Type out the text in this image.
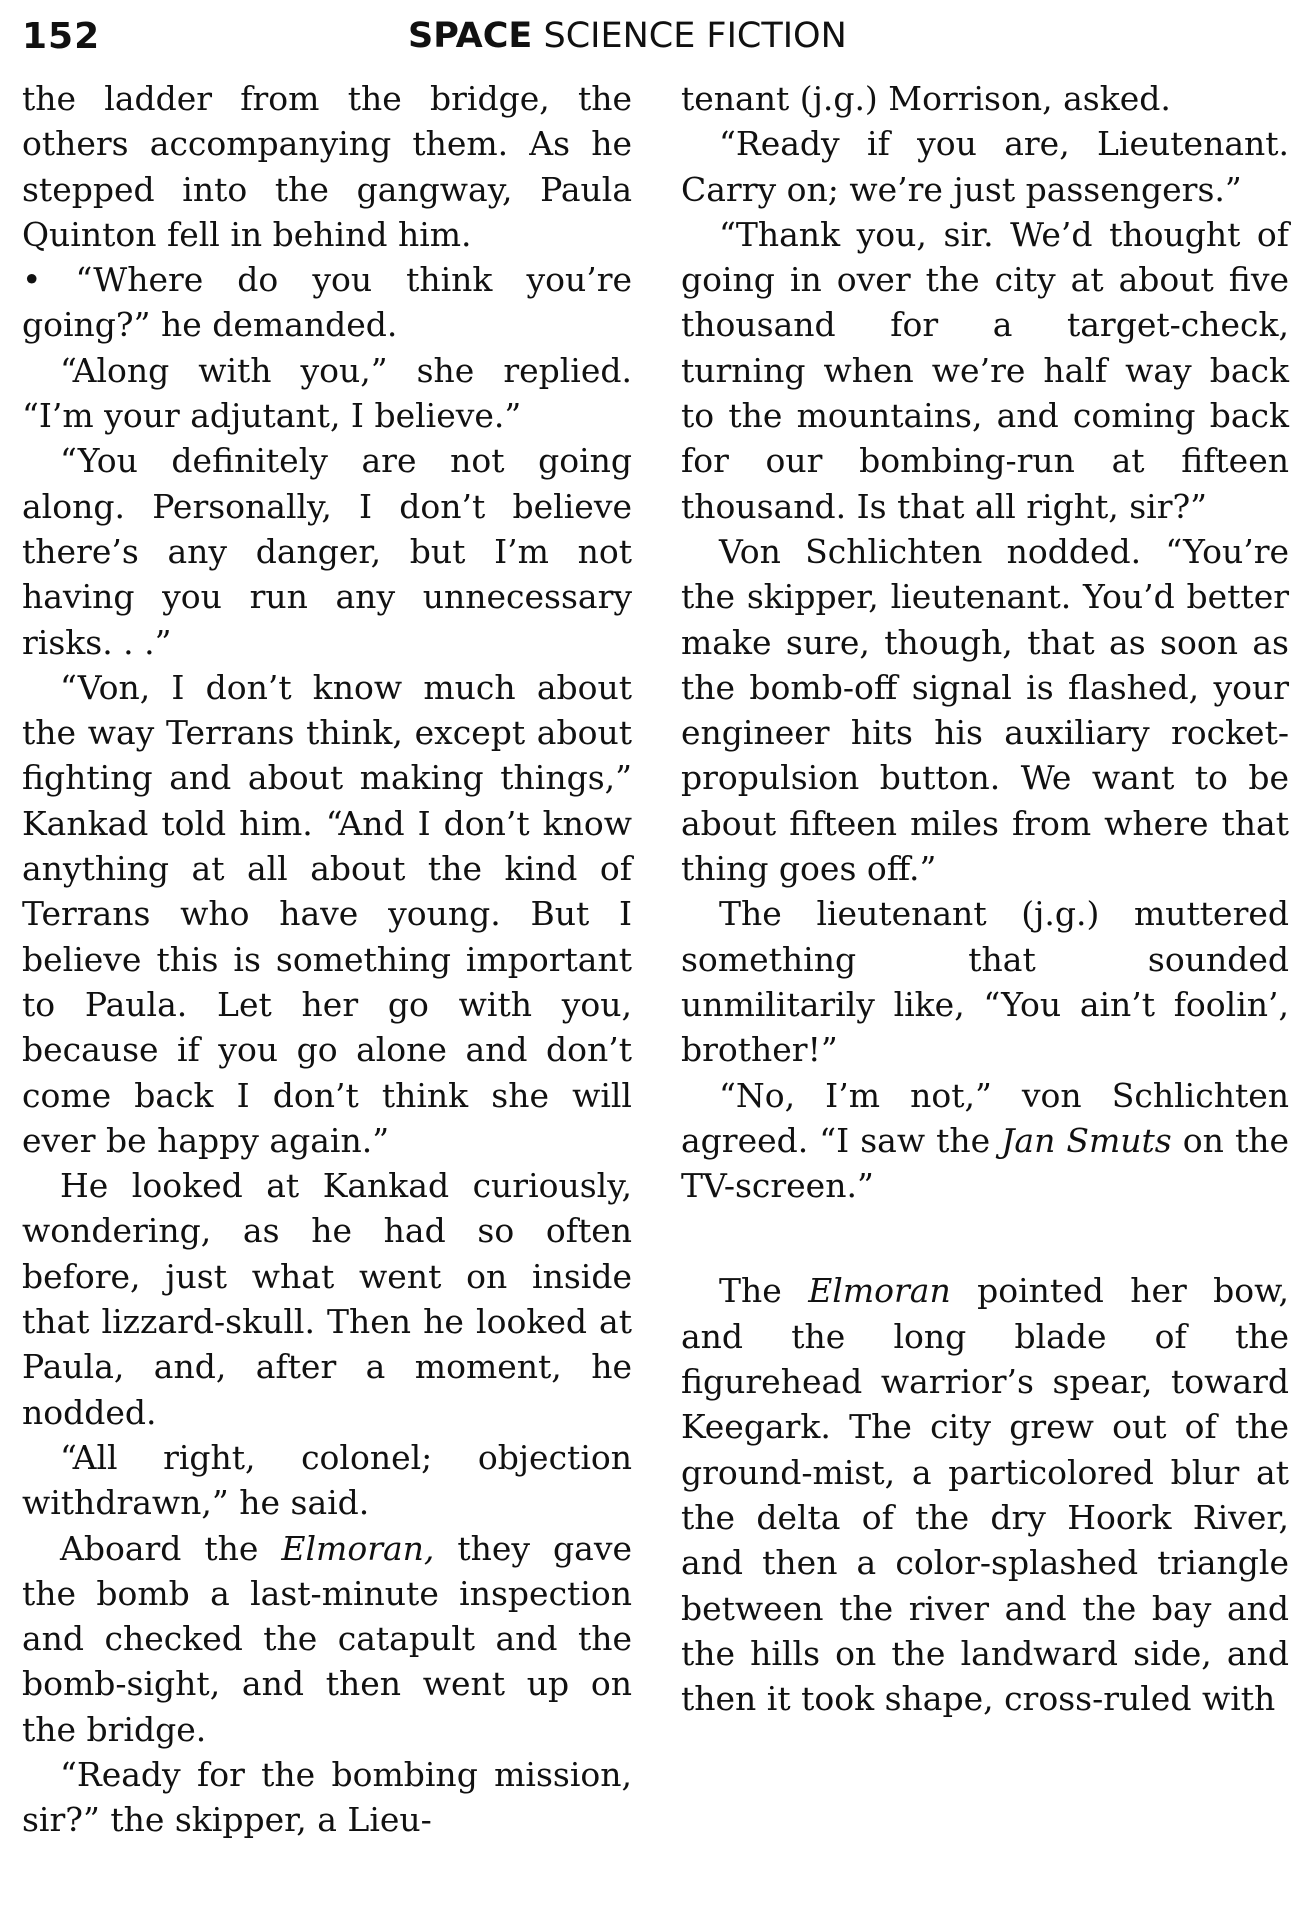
152	SPACE SCIENCE FICTION

the ladder from the bridge, the others accompanying them. As he stepped into the gangway, Paula Quinton fell in behind him.

• “Where do you think you’re going?” he demanded.

“Along with you,” she replied. “I’m your adjutant, I believe.”

“You definitely are not going along. Personally, I don’t believe there’s any danger, but I’m not having you run any unnecessary risks. . .”

“Von, I don’t know much about the way Terrans think, except about fighting and about making things,” Kankad told him. “And I don’t know anything at all about the kind of Terrans who have young. But I believe this is something important to Paula. Let her go with you, because if you go alone and don’t come back I don’t think she will ever be happy again.”

He looked at Kankad curiously, wondering, as he had so often before, just what went on inside that lizzard-skull. Then he looked at Paula, and, after a moment, he nodded.

“All right, colonel; objection withdrawn,” he said.

Aboard the Elmoran, they gave the bomb a last-minute inspection and checked the catapult and the bomb-sight, and then went up on the bridge.

“Ready for the bombing mission, sir?” the skipper, a Lieu-

tenant (j.g.) Morrison, asked.

“Ready if you are, Lieutenant. Carry on; we’re just passengers.”

“Thank you, sir. We’d thought of going in over the city at about five thousand for a target-check, turning when we’re half way back to the mountains, and coming back for our bombing-run at fifteen thousand. Is that all right, sir?”

Von Schlichten nodded. “You’re the skipper, lieutenant. You’d better make sure, though, that as soon as the bomb-off signal is flashed, your engineer hits his auxiliary rocket-propulsion button. We want to be about fifteen miles from where that thing goes off.”

The lieutenant (j.g.) muttered something that sounded unmilitarily like, “You ain’t foolin’, brother!”

“No, I’m not,” von Schlichten agreed. “I saw the Jan Smuts on the TV-screen.”

The Elmoran pointed her bow, and the long blade of the figurehead warrior’s spear, toward Keegark. The city grew out of the ground-mist, a particolored blur at the delta of the dry Hoork River, and then a color-splashed triangle between the river and the bay and the hills on the landward side, and then it took shape, cross-ruled with
